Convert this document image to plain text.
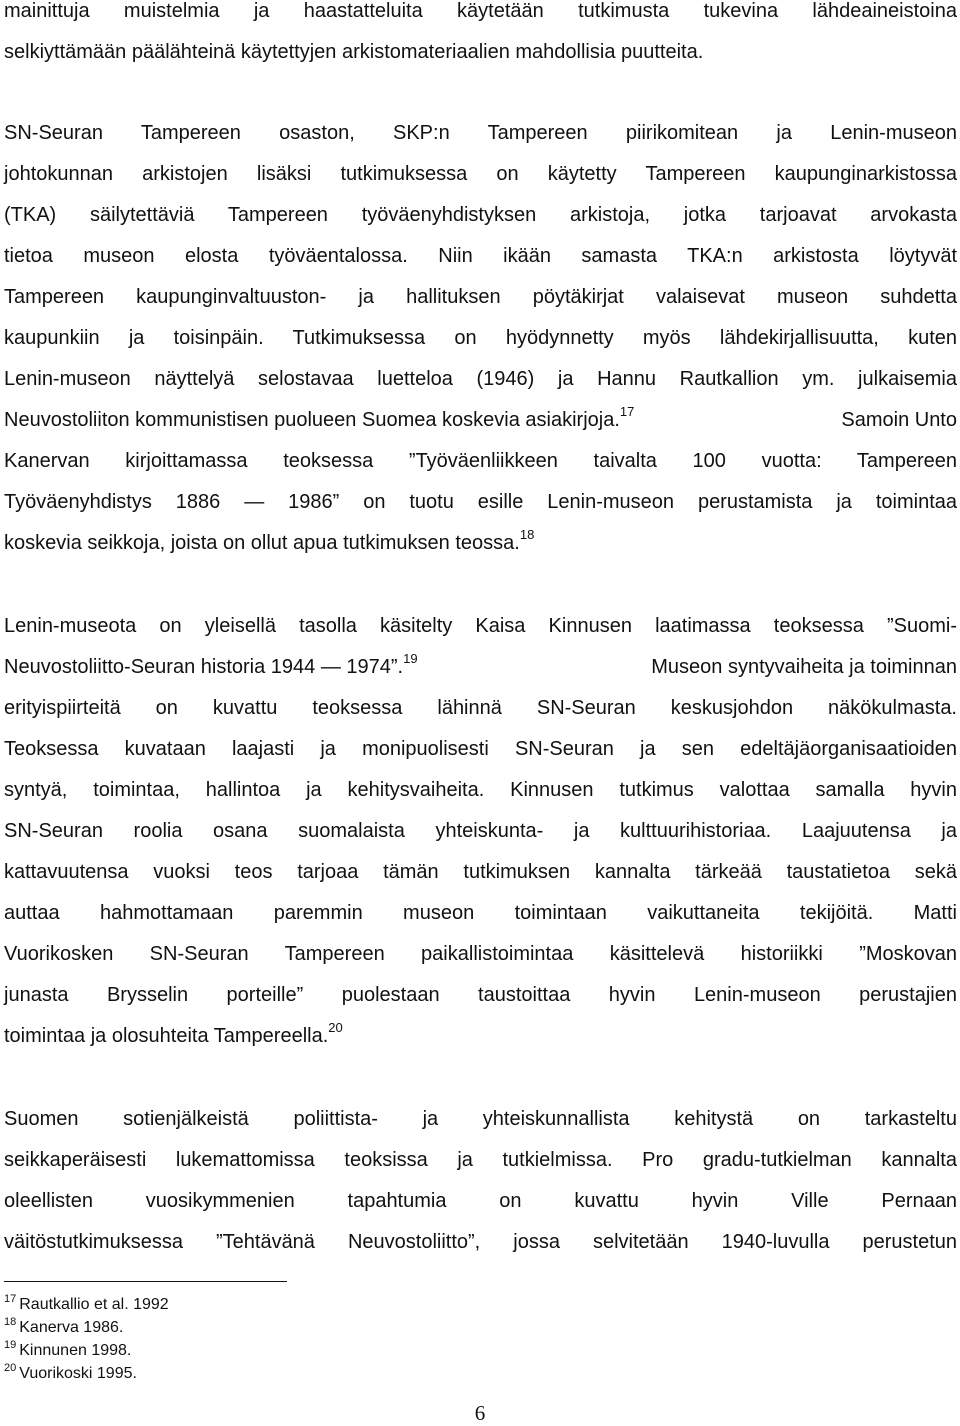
mainittuja muistelmia ja haastatteluita käytetään tutkimusta tukevina lähdeaineistoina
selkiyttämään päälähteinä käytettyjen arkistomateriaalien mahdollisia puutteita.
SN-Seuran Tampereen osaston, SKP:n Tampereen piirikomitean ja Lenin-museon
johtokunnan arkistojen lisäksi tutkimuksessa on käytetty Tampereen kaupunginarkistossa
(TKA) säilytettäviä Tampereen työväenyhdistyksen arkistoja, jotka tarjoavat arvokasta
tietoa museon elosta työväentalossa. Niin ikään samasta TKA:n arkistosta löytyvät
Tampereen kaupunginvaltuuston- ja hallituksen pöytäkirjat valaisevat museon suhdetta
kaupunkiin ja toisinpäin. Tutkimuksessa on hyödynnetty myös lähdekirjallisuutta, kuten
Lenin-museon näyttelyä selostavaa luetteloa (1946) ja Hannu Rautkallion ym. julkaisemia
Neuvostoliiton kommunistisen puolueen Suomea koskevia asiakirjoja.$^{17}$	Samoin Unto
Kanervan kirjoittamassa teoksessa ”Työväenliikkeen taivalta 100 vuotta: Tampereen
Työväenyhdistys 1886 — 1986” on tuotu esille Lenin-museon perustamista ja toimintaa
koskevia seikkoja, joista on ollut apua tutkimuksen teossa.$^{18}$
Lenin-museota on yleisellä tasolla käsitelty Kaisa Kinnusen laatimassa teoksessa ”Suomi-
Neuvostoliitto-Seuran historia 1944 — 1974”.$^{19}$	Museon syntyvaiheita ja toiminnan
erityispiirteitä on kuvattu teoksessa lähinnä SN-Seuran keskusjohdon näkökulmasta.
Teoksessa kuvataan laajasti ja monipuolisesti SN-Seuran ja sen edeltäjäorganisaatioiden
syntyä, toimintaa, hallintoa ja kehitysvaiheita. Kinnusen tutkimus valottaa samalla hyvin
SN-Seuran roolia osana suomalaista yhteiskunta- ja kulttuurihistoriaa. Laajuutensa ja
kattavuutensa vuoksi teos tarjoaa tämän tutkimuksen kannalta tärkeää taustatietoa sekä
auttaa hahmottamaan paremmin museon toimintaan vaikuttaneita tekijöitä. Matti
Vuorikosken SN-Seuran Tampereen paikallistoimintaa käsittelevä historiikki ”Moskovan
junasta Brysselin porteille” puolestaan taustoittaa hyvin Lenin-museon perustajien
toimintaa ja olosuhteita Tampereella.$^{20}$
Suomen sotienjälkeistä poliittista- ja yhteiskunnallista kehitystä on tarkasteltu
seikkaperäisesti lukemattomissa teoksissa ja tutkielmissa. Pro gradu-tutkielman kannalta
oleellisten vuosikymmenien tapahtumia on kuvattu hyvin Ville Pernaan
väitöstutkimuksessa ”Tehtävänä Neuvostoliitto”, jossa selvitetään 1940-luvulla perustetun
$^{17}$ Rautkallio et al. 1992
$^{18}$ Kanerva 1986.
$^{19}$ Kinnunen 1998.
$^{20}$ Vuorikoski 1995.
6
